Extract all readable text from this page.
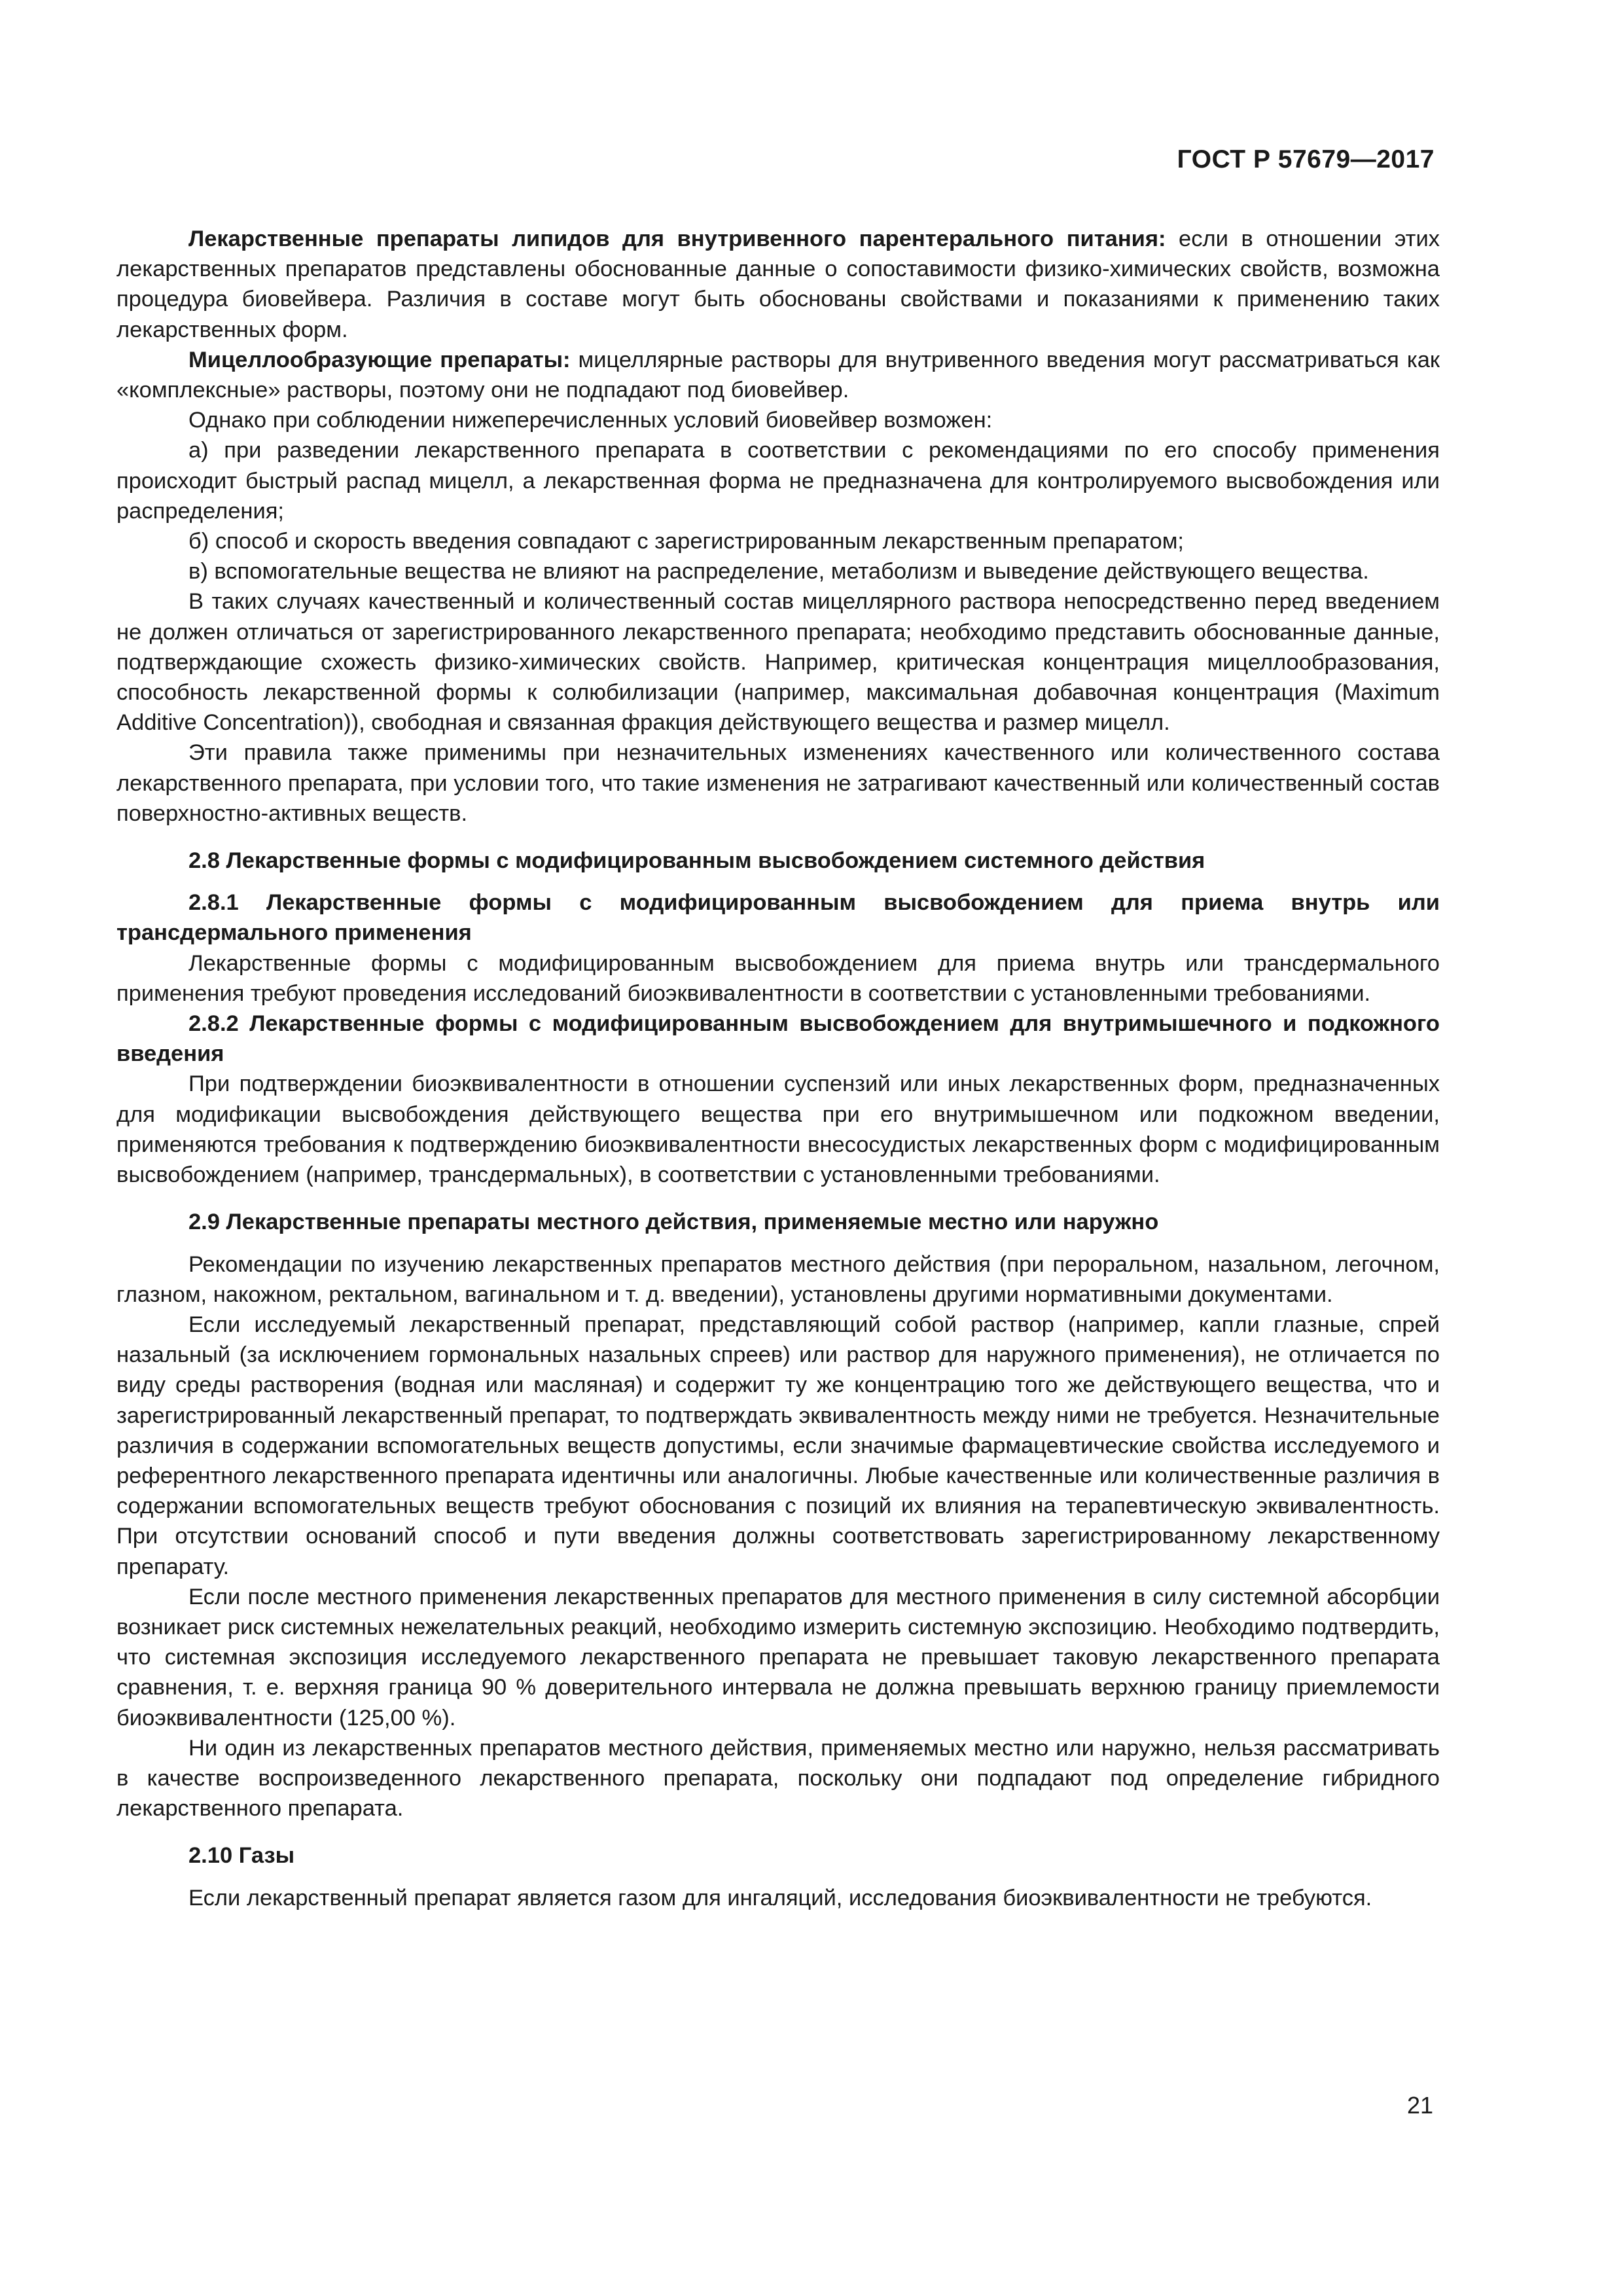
ГОСТ Р 57679—2017

Лекарственные препараты липидов для внутривенного парентерального питания: если в отношении этих лекарственных препаратов представлены обоснованные данные о сопоставимости физико-химических свойств, возможна процедура биовейвера. Различия в составе могут быть обоснованы свойствами и показаниями к применению таких лекарственных форм.

Мицеллообразующие препараты: мицеллярные растворы для внутривенного введения могут рассматриваться как «комплексные» растворы, поэтому они не подпадают под биовейвер.

Однако при соблюдении нижеперечисленных условий биовейвер возможен:

а) при разведении лекарственного препарата в соответствии с рекомендациями по его способу применения происходит быстрый распад мицелл, а лекарственная форма не предназначена для контролируемого высвобождения или распределения;

б) способ и скорость введения совпадают с зарегистрированным лекарственным препаратом;

в) вспомогательные вещества не влияют на распределение, метаболизм и выведение действующего вещества.

В таких случаях качественный и количественный состав мицеллярного раствора непосредственно перед введением не должен отличаться от зарегистрированного лекарственного препарата; необходимо представить обоснованные данные, подтверждающие схожесть физико-химических свойств. Например, критическая концентрация мицеллообразования, способность лекарственной формы к солюбилизации (например, максимальная добавочная концентрация (Maximum Additive Concentration)), свободная и связанная фракция действующего вещества и размер мицелл.

Эти правила также применимы при незначительных изменениях качественного или количественного состава лекарственного препарата, при условии того, что такие изменения не затрагивают качественный или количественный состав поверхностно-активных веществ.

2.8 Лекарственные формы с модифицированным высвобождением системного действия
2.8.1 Лекарственные формы с модифицированным высвобождением для приема внутрь или трансдермального применения

Лекарственные формы с модифицированным высвобождением для приема внутрь или трансдермального применения требуют проведения исследований биоэквивалентности в соответствии с установленными требованиями.

2.8.2 Лекарственные формы с модифицированным высвобождением для внутримышечного и подкожного введения

При подтверждении биоэквивалентности в отношении суспензий или иных лекарственных форм, предназначенных для модификации высвобождения действующего вещества при его внутримышечном или подкожном введении, применяются требования к подтверждению биоэквивалентности внесосудистых лекарственных форм с модифицированным высвобождением (например, трансдермальных), в соответствии с установленными требованиями.

2.9 Лекарственные препараты местного действия, применяемые местно или наружно

Рекомендации по изучению лекарственных препаратов местного действия (при пероральном, назальном, легочном, глазном, накожном, ректальном, вагинальном и т. д. введении), установлены другими нормативными документами.

Если исследуемый лекарственный препарат, представляющий собой раствор (например, капли глазные, спрей назальный (за исключением гормональных назальных спреев) или раствор для наружного применения), не отличается по виду среды растворения (водная или масляная) и содержит ту же концентрацию того же действующего вещества, что и зарегистрированный лекарственный препарат, то подтверждать эквивалентность между ними не требуется. Незначительные различия в содержании вспомогательных веществ допустимы, если значимые фармацевтические свойства исследуемого и референтного лекарственного препарата идентичны или аналогичны. Любые качественные или количественные различия в содержании вспомогательных веществ требуют обоснования с позиций их влияния на терапевтическую эквивалентность. При отсутствии оснований способ и пути введения должны соответствовать зарегистрированному лекарственному препарату.

Если после местного применения лекарственных препаратов для местного применения в силу системной абсорбции возникает риск системных нежелательных реакций, необходимо измерить системную экспозицию. Необходимо подтвердить, что системная экспозиция исследуемого лекарственного препарата не превышает таковую лекарственного препарата сравнения, т. е. верхняя граница 90 % доверительного интервала не должна превышать верхнюю границу приемлемости биоэквивалентности (125,00 %).

Ни один из лекарственных препаратов местного действия, применяемых местно или наружно, нельзя рассматривать в качестве воспроизведенного лекарственного препарата, поскольку они подпадают под определение гибридного лекарственного препарата.

2.10 Газы

Если лекарственный препарат является газом для ингаляций, исследования биоэквивалентности не требуются.

21
